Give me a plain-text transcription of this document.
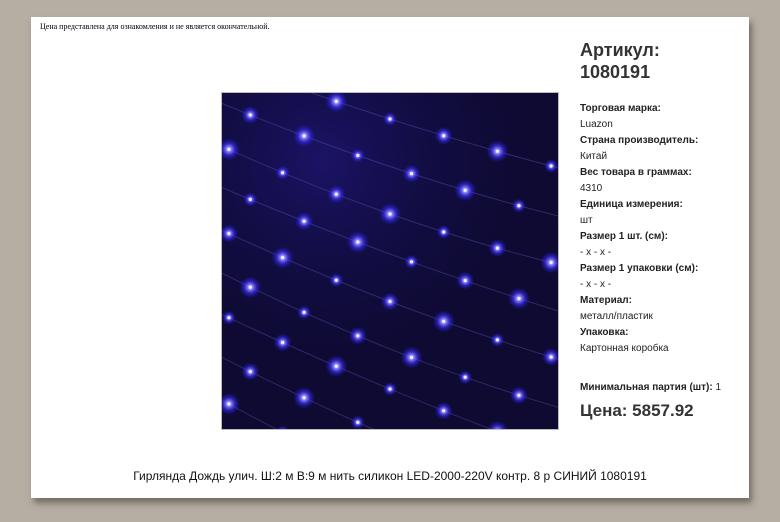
Цена представлена для ознакомления и не является окончательной.
Артикул:
1080191
Торговая марка:
Luazon
Страна производитель:
Китай
Вес товара в граммах:
4310
Единица измерения:
шт
Размер 1 шт. (см):
- x - x -
Размер 1 упаковки (см):
- x - x -
Материал:
металл/пластик
Упаковка:
Картонная коробка
Минимальная партия (шт): 1
Цена: 5857.92
Гирлянда Дождь улич. Ш:2 м В:9 м нить силикон LED-2000-220V контр. 8 р СИНИЙ 1080191
